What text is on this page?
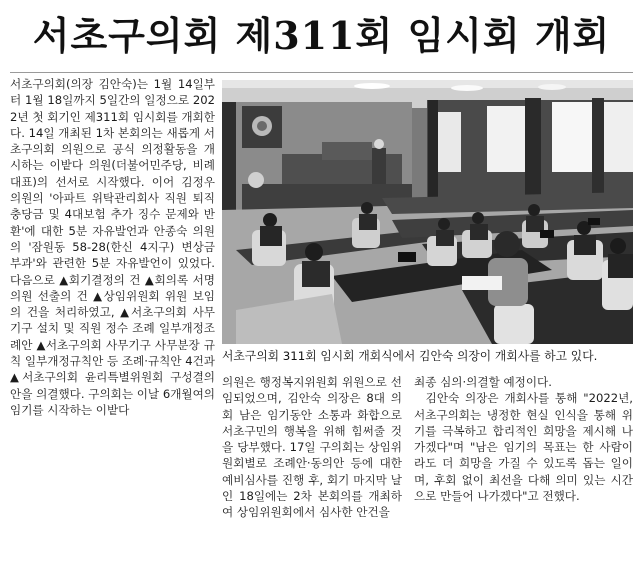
서초구의회 제311회 임시회 개회
서초구의회(의장 김안숙)는 1월 14일부터 1월 18일까지 5일간의 일정으로 2022년 첫 회기인 제311회 임시회를 개회한다. 14일 개최된 1차 본회의는 새롭게 서초구의회 의원으로 공식 의정활동을 개시하는 이밭다 의원(더불어민주당, 비례대표)의 선서로 시작했다. 이어 김정우 의원의 '아파트 위탁관리회사 직원 퇴직충당금 및 4대보험 추가 징수 문제와 반환'에 대한 5분 자유발언과 안종숙 의원의 '잠원동 58-28(한신 4지구) 변상금 부과'와 관련한 5분 자유발언이 있었다. 다음으로 ▲회기결정의 건 ▲회의록 서명의원 선출의 건 ▲상임위원회 위원 보임의 건을 처리하였고, ▲서초구의회 사무기구 설치 및 직원 정수 조례 일부개정조례안 ▲서초구의회 사무기구 사무분장 규칙 일부개정규칙안 등 조례·규칙안 4건과 ▲서초구의회 윤리특별위원회 구성결의안을 의결했다. 구의회는 이날 6개월여의 임기를 시작하는 이밭다
서초구의회 311회 임시회 개회식에서 김안숙 의장이 개회사를 하고 있다.
의원은 행정복지위원회 위원으로 선임되었으며, 김안숙 의장은 8대 의회 남은 임기동안 소통과 화합으로 서초구민의 행복을 위해 힘써줄 것을 당부했다. 17일 구의회는 상임위원회별로 조례안·동의안 등에 대한 예비심사를 진행 후, 회기 마지막 날인 18일에는 2차 본회의를 개최하여 상임위원회에서 심사한 안건을
최종 심의·의결할 예정이다.
김안숙 의장은 개회사를 통해 "2022년, 서초구의회는 냉정한 현실 인식을 통해 위기를 극복하고 합리적인 희망을 제시해 나가겠다"며 "남은 임기의 목표는 한 사람이라도 더 희망을 가질 수 있도록 돕는 일이며, 후회 없이 최선을 다해 의미 있는 시간으로 만들어 나가겠다"고 전했다.
